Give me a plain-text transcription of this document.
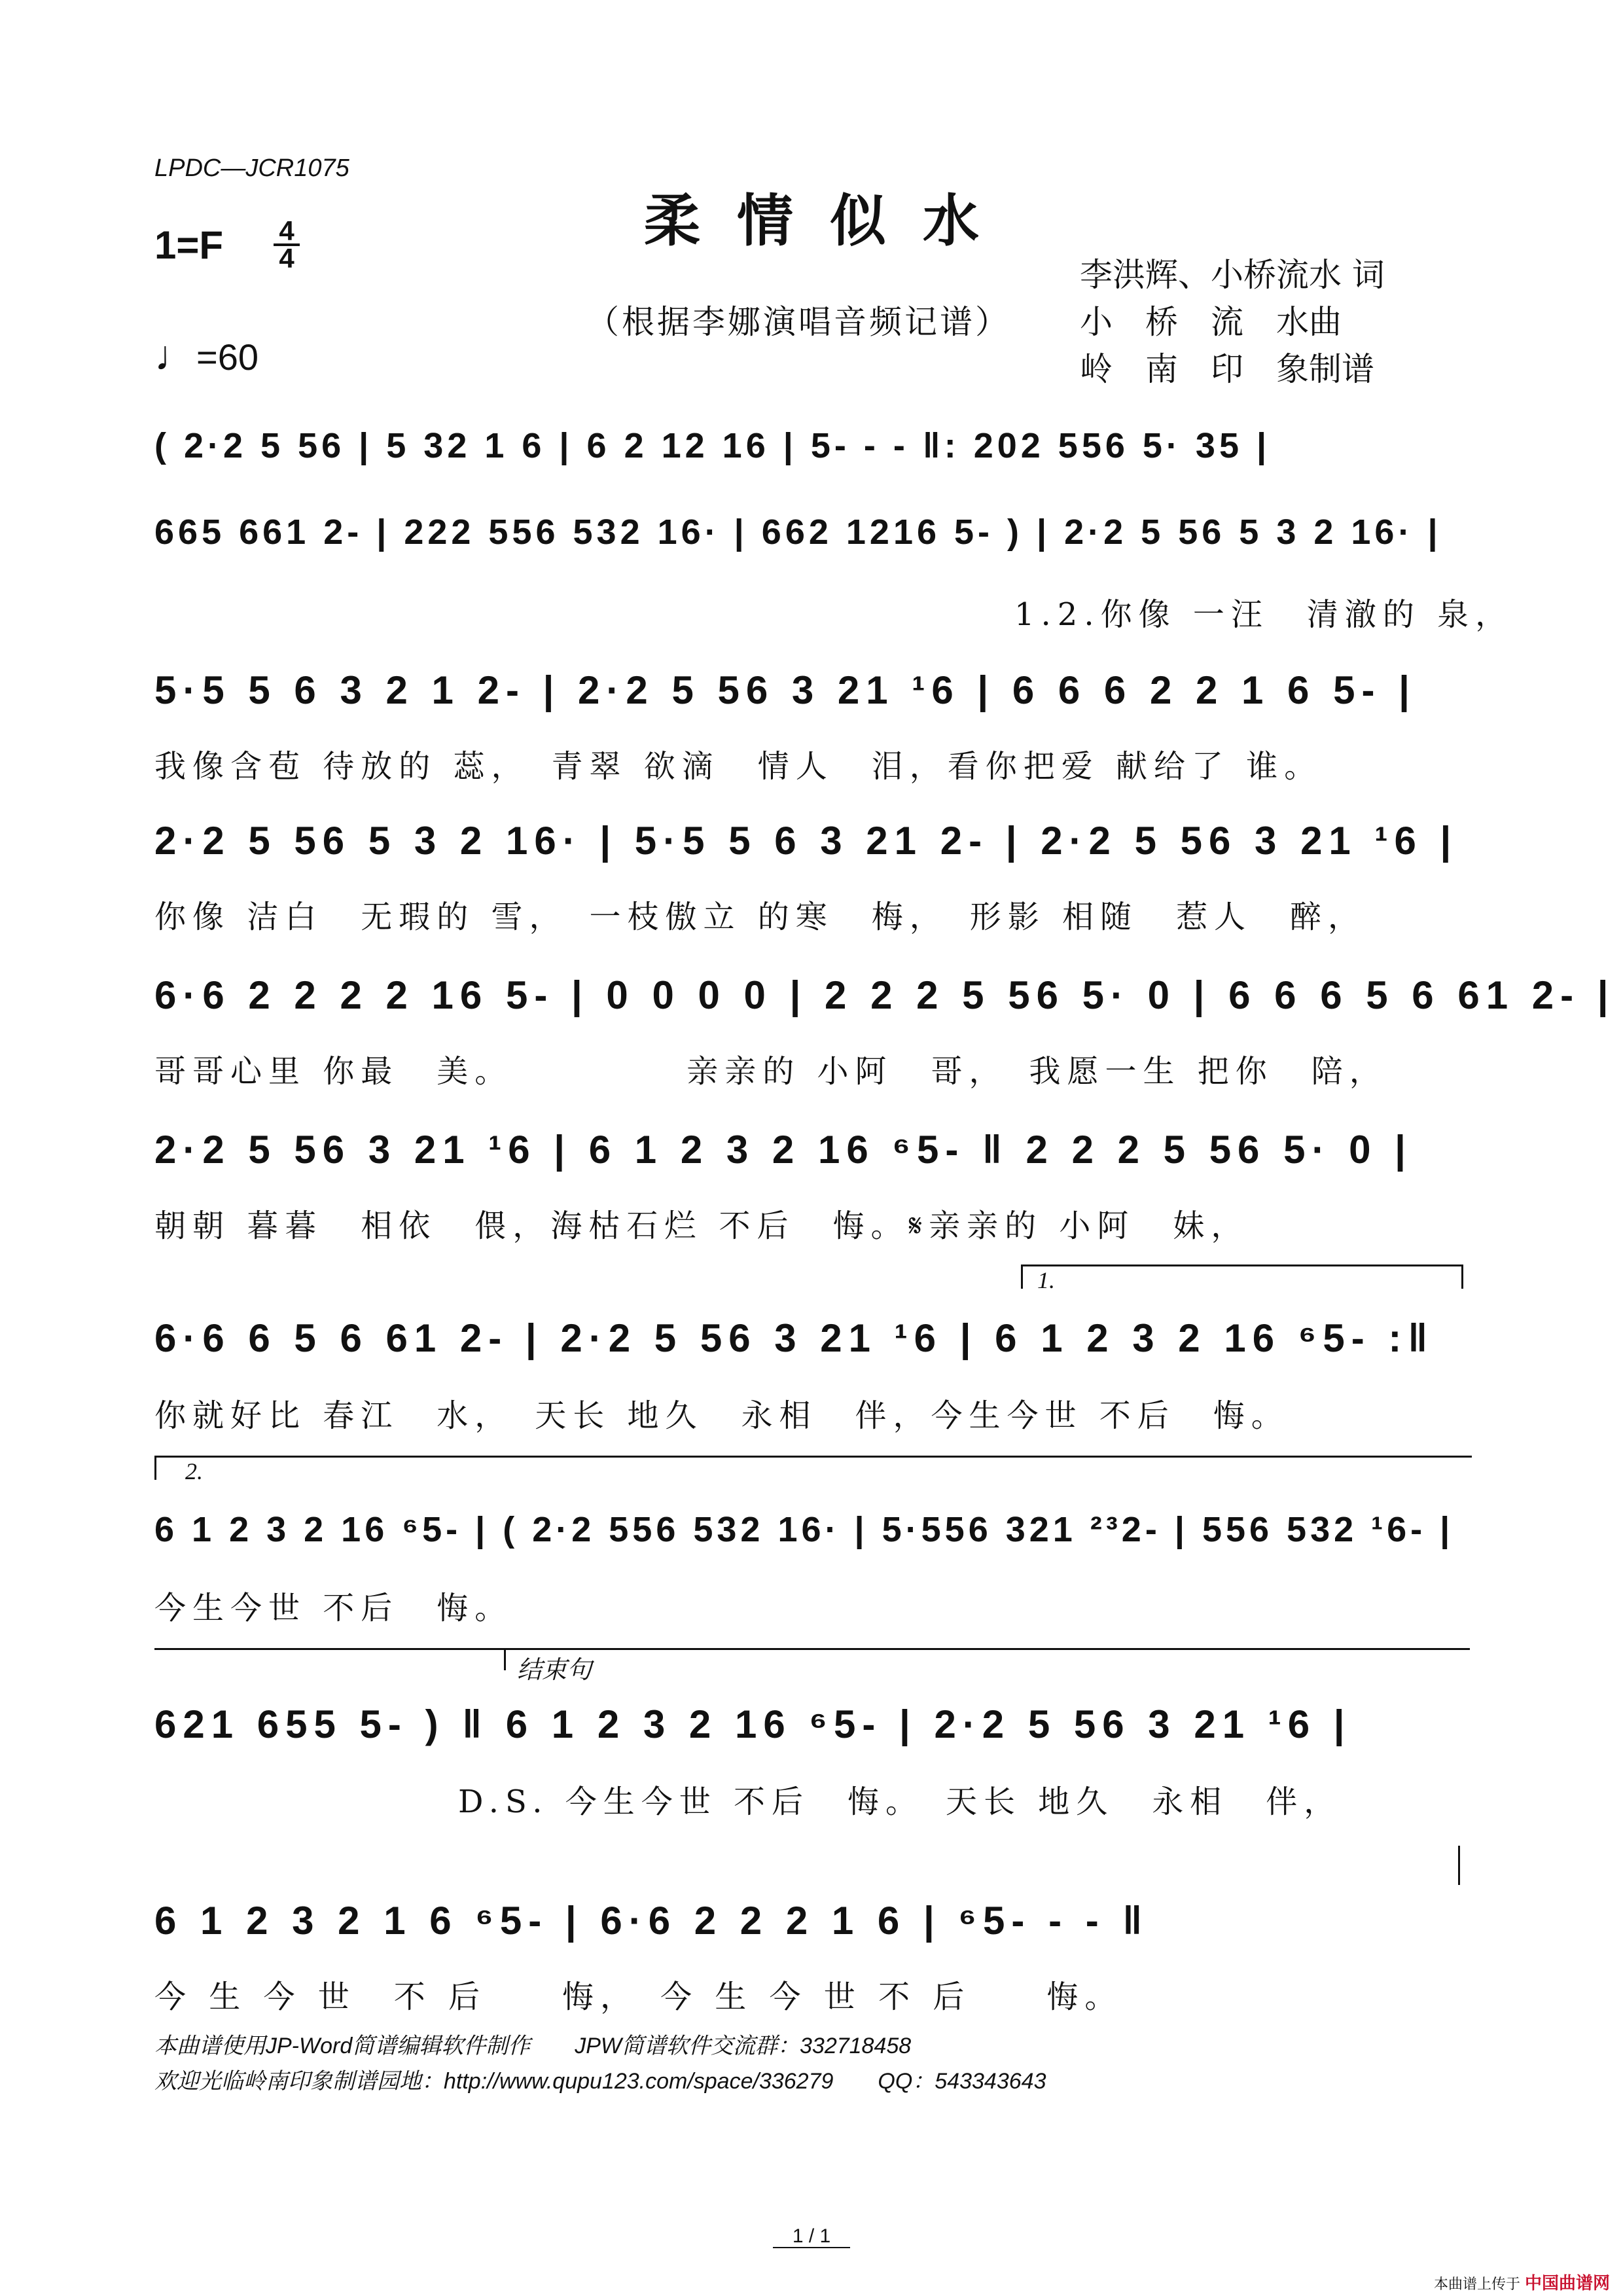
LPDC—JCR1075
柔情似水
1=F 4
4
♩=60
（根据李娜演唱音频记谱）
李洪辉、小桥流水 词
小　桥　流　水曲
岭　南　印　象制谱
( 2·2 5 56 | 5 32 1 6 | 6 2 12 16 | 5- - - ‖: 202 556 5· 35 |
665 661 2- | 222 556 532 16· | 662 1216 5- ) | 2·2 5 56 5 3 2 16· |
1.2.你像 一汪　清澈的 泉，
5·5 5 6 3 2 1 2- | 2·2 5 56 3 21 ¹6 | 6 6 6 2 2 1 6 5- |
我像含苞 待放的 蕊，　青翠 欲滴　情人　泪，看你把爱 献给了 谁。
2·2 5 56 5 3 2 16· | 5·5 5 6 3 21 2- | 2·2 5 56 3 21 ¹6 |
你像 洁白　无瑕的 雪，　一枝傲立 的寒　梅，　形影 相随　惹人　醉，
6·6 2 2 2 2 16 5- | 0 0 0 0 | 2 2 2 5 56 5· 0 | 6 6 6 5 6 61 2- |
哥哥心里 你最　美。　　　　　亲亲的 小阿　哥，　我愿一生 把你　陪，
2·2 5 56 3 21 ¹6 | 6 1 2 3 2 16 ⁶5- ‖ 2 2 2 5 56 5· 0 |
朝朝 暮暮　相依　偎，海枯石烂 不后　悔。𝄋亲亲的 小阿　妹，
1.
6·6 6 5 6 61 2- | 2·2 5 56 3 21 ¹6 | 6 1 2 3 2 16 ⁶5- :‖
你就好比 春江　水，　天长 地久　永相　伴，今生今世 不后　悔。
2.
6 1 2 3 2 16 ⁶5- | ( 2·2 556 532 16· | 5·556 321 ²³2- | 556 532 ¹6- |
今生今世 不后　悔。
结束句
621 655 5- ) ‖ 6 1 2 3 2 16 ⁶5- | 2·2 5 56 3 21 ¹6 |
D.S. 今生今世 不后　悔。　天长 地久　永相　伴，
6 1 2 3 2 1 6 ⁶5- | 6·6 2 2 2 1 6 | ⁶5- - - ‖
今 生 今 世　不 后　　悔，　今 生 今 世 不 后　　悔。
本曲谱使用JP-Word简谱编辑软件制作　　JPW简谱软件交流群：332718458
欢迎光临岭南印象制谱园地：http://www.qupu123.com/space/336279　　QQ：543343643
1 / 1
本曲谱上传于 中国曲谱网
